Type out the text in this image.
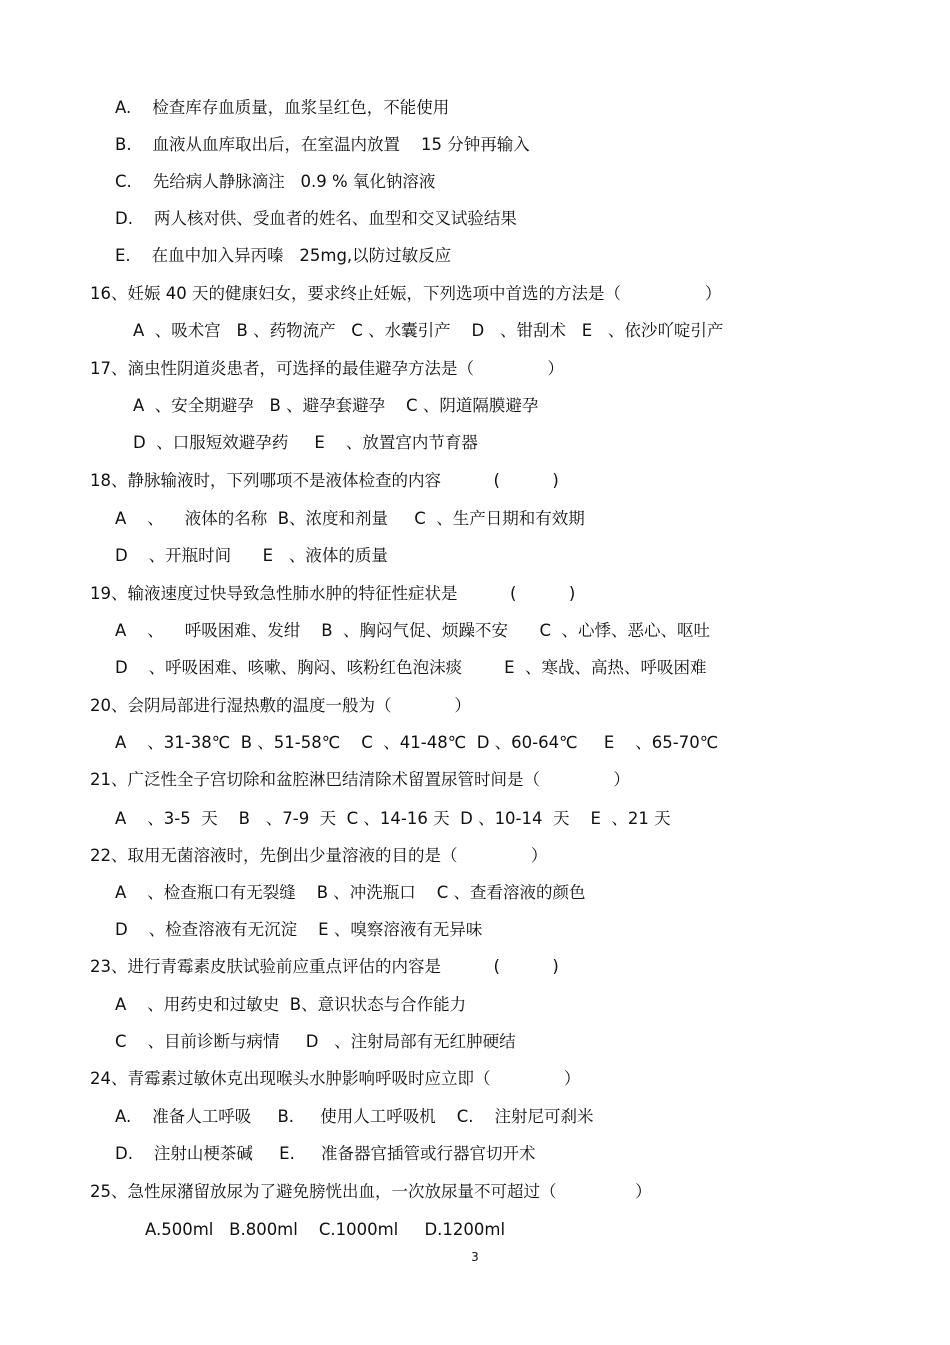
A.    检查库存血质量，血浆呈红色，不能使用
B.    血液从血库取出后，在室温内放置    15 分钟再输入
C.    先给病人静脉滴注   0.9 % 氧化钠溶液
D.    两人核对供、受血者的姓名、血型和交叉试验结果
E.    在血中加入异丙嗪   25mg,以防过敏反应
16、妊娠 40 天的健康妇女，要求终止妊娠，下列选项中首选的方法是（                ）
A  、吸术宫   B 、药物流产   C 、水囊引产    D   、钳刮术   E   、依沙吖啶引产
17、滴虫性阴道炎患者，可选择的最佳避孕方法是（              ）
A  、安全期避孕   B 、避孕套避孕    C 、阴道隔膜避孕
D  、口服短效避孕药     E    、放置宫内节育器
18、静脉输液时，下列哪项不是液体检查的内容          (          )
A    、    液体的名称  B、浓度和剂量     C  、生产日期和有效期
D    、开瓶时间      E   、液体的质量
19、输液速度过快导致急性肺水肿的特征性症状是          (          )
A    、    呼吸困难、发绀    B  、胸闷气促、烦躁不安      C  、心悸、恶心、呕吐
D    、呼吸困难、咳嗽、胸闷、咳粉红色泡沫痰        E  、寒战、高热、呼吸困难
20、会阴局部进行湿热敷的温度一般为（            ）
A    、31-38℃  B 、51-58℃    C  、41-48℃  D 、60-64℃     E    、65-70℃
21、广泛性全子宫切除和盆腔淋巴结清除术留置尿管时间是（              ）
A    、3-5  天    B   、7-9  天  C 、14-16 天  D 、10-14  天    E  、21 天
22、取用无菌溶液时，先倒出少量溶液的目的是（              ）
A    、检查瓶口有无裂缝    B 、冲洗瓶口    C 、查看溶液的颜色
D    、检查溶液有无沉淀    E 、嗅察溶液有无异味
23、进行青霉素皮肤试验前应重点评估的内容是          (          )
A    、用药史和过敏史  B、意识状态与合作能力
C    、目前诊断与病情     D   、注射局部有无红肿硬结
24、青霉素过敏休克出现喉头水肿影响呼吸时应立即（              ）
A.    准备人工呼吸     B.     使用人工呼吸机    C.    注射尼可刹米
D.    注射山梗茶碱     E.     准备器官插管或行器官切开术
25、急性尿潴留放尿为了避免膀恍出血，一次放尿量不可超过（               ）
A.500ml   B.800ml    C.1000ml     D.1200ml
3
